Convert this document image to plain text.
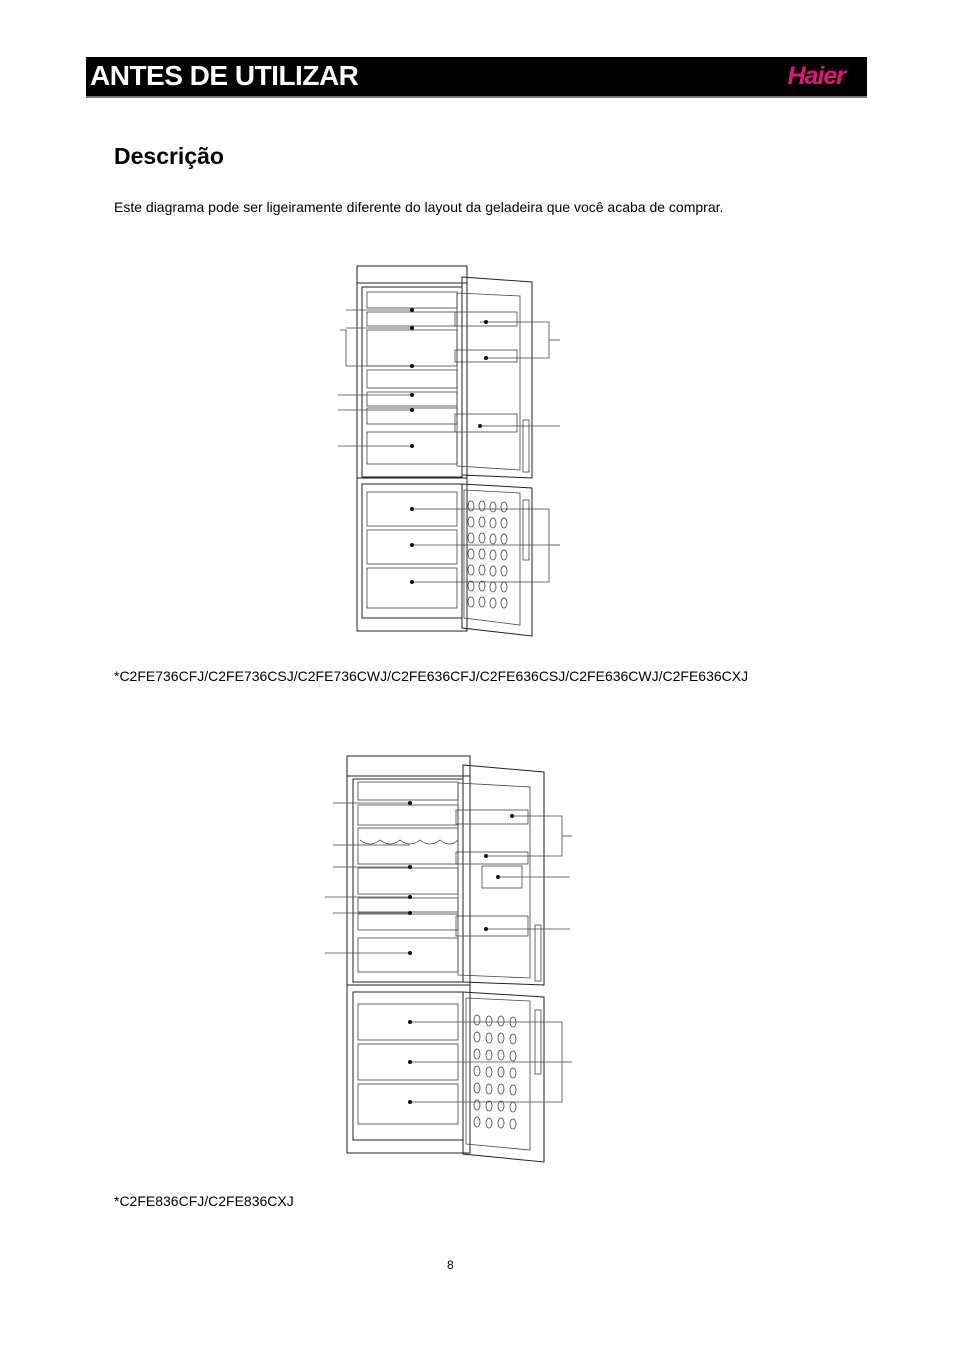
ANTES DE UTILIZAR	Haier
Descrição
Este diagrama pode ser ligeiramente diferente do layout da geladeira que você acaba de comprar.
*C2FE736CFJ/C2FE736CSJ/C2FE736CWJ/C2FE636CFJ/C2FE636CSJ/C2FE636CWJ/C2FE636CXJ
*C2FE836CFJ/C2FE836CXJ
8
